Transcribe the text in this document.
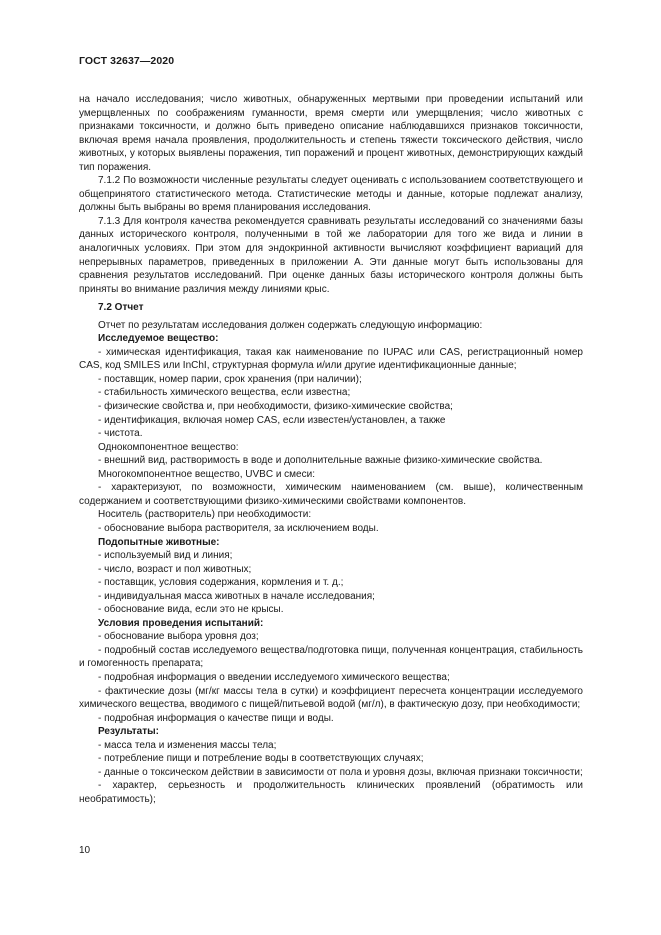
ГОСТ 32637—2020

на начало исследования; число животных, обнаруженных мертвыми при проведении испытаний или умерщвленных по соображениям гуманности, время смерти или умерщвления; число животных с признаками токсичности, и должно быть приведено описание наблюдавшихся признаков токсичности, включая время начала проявления, продолжительность и степень тяжести токсического действия, число животных, у которых выявлены поражения, тип поражений и процент животных, демонстрирующих каждый тип поражения.

7.1.2 По возможности численные результаты следует оценивать с использованием соответствующего и общепринятого статистического метода. Статистические методы и данные, которые подлежат анализу, должны быть выбраны во время планирования исследования.

7.1.3 Для контроля качества рекомендуется сравнивать результаты исследований со значениями базы данных исторического контроля, полученными в той же лаборатории для того же вида и линии в аналогичных условиях. При этом для эндокринной активности вычисляют коэффициент вариаций для непрерывных параметров, приведенных в приложении А. Эти данные могут быть использованы для сравнения результатов исследований. При оценке данных базы исторического контроля должны быть приняты во внимание различия между линиями крыс.

7.2 Отчет

Отчет по результатам исследования должен содержать следующую информацию:

Исследуемое вещество:

- химическая идентификация, такая как наименование по IUPAC или CAS, регистрационный номер CAS, код SMILES или InChI, структурная формула и/или другие идентификационные данные;

- поставщик, номер парии, срок хранения (при наличии);

- стабильность химического вещества, если известна;

- физические свойства и, при необходимости, физико-химические свойства;

- идентификация, включая номер CAS, если известен/установлен, а также

- чистота.

Однокомпонентное вещество:

- внешний вид, растворимость в воде и дополнительные важные физико-химические свойства.

Многокомпонентное вещество, UVBC и смеси:

- характеризуют, по возможности, химическим наименованием (см. выше), количественным содержанием и соответствующими физико-химическими свойствами компонентов.

Носитель (растворитель) при необходимости:

- обоснование выбора растворителя, за исключением воды.

Подопытные животные:

- используемый вид и линия;

- число, возраст и пол животных;

- поставщик, условия содержания, кормления и т. д.;

- индивидуальная масса животных в начале исследования;

- обоснование вида, если это не крысы.

Условия проведения испытаний:

- обоснование выбора уровня доз;

- подробный состав исследуемого вещества/подготовка пищи, полученная концентрация, стабильность и гомогенность препарата;

- подробная информация о введении исследуемого химического вещества;

- фактические дозы (мг/кг массы тела в сутки) и коэффициент пересчета концентрации исследуемого химического вещества, вводимого с пищей/питьевой водой (мг/л), в фактическую дозу, при необходимости;

- подробная информация о качестве пищи и воды.

Результаты:

- масса тела и изменения массы тела;

- потребление пищи и потребление воды в соответствующих случаях;

- данные о токсическом действии в зависимости от пола и уровня дозы, включая признаки токсичности;

- характер, серьезность и продолжительность клинических проявлений (обратимость или необратимость);

10
